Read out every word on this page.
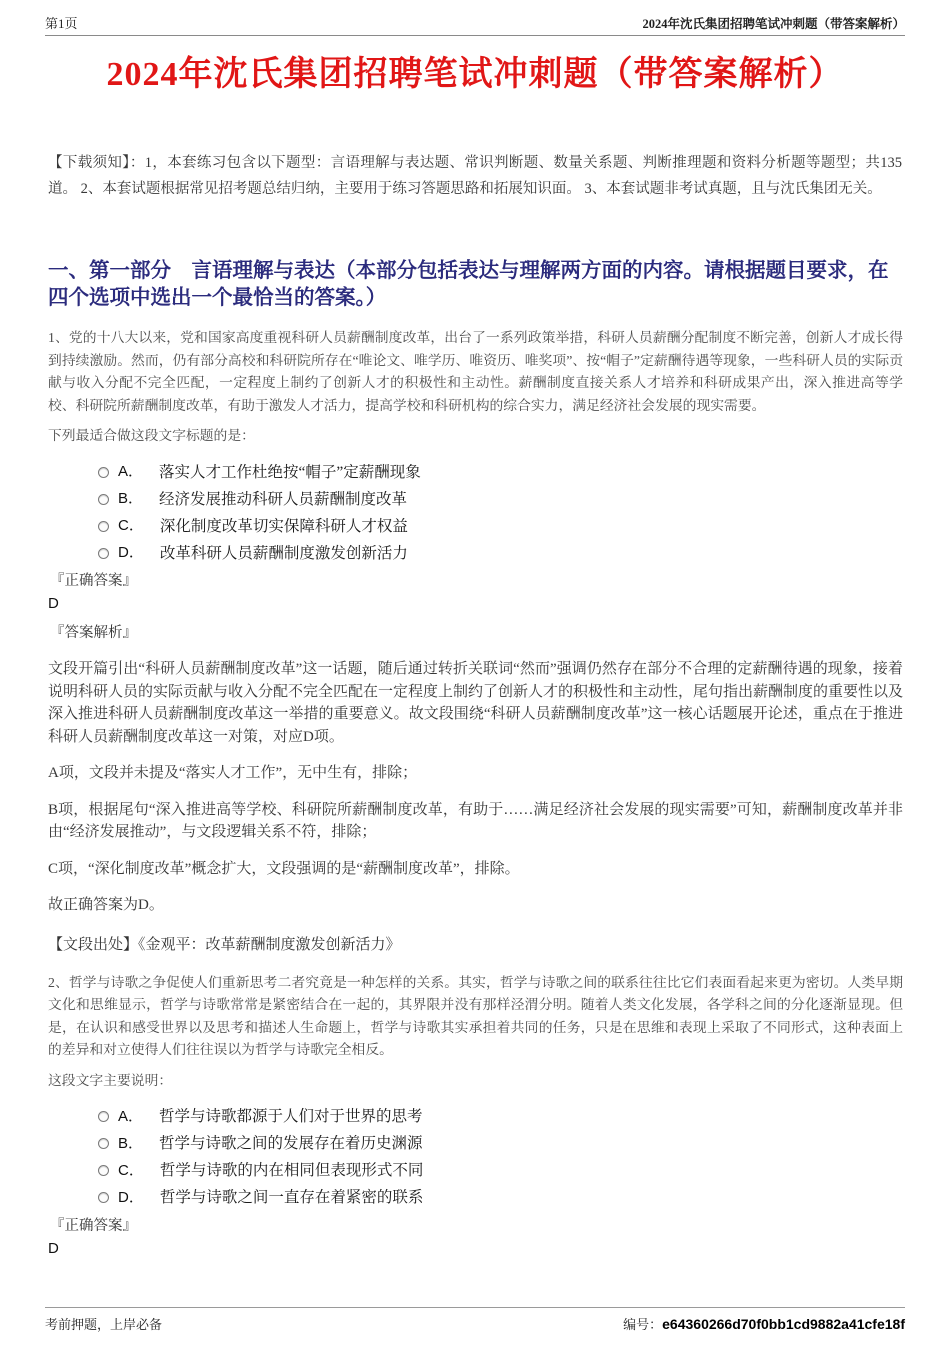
第1页	2024年沈氏集团招聘笔试冲刺题（带答案解析）
2024年沈氏集团招聘笔试冲刺题（带答案解析）

【下载须知】：1，本套练习包含以下题型：言语理解与表达题、常识判断题、数量关系题、判断推理题和资料分析题等题型；共135道。 2、本套试题根据常见招考题总结归纳，主要用于练习答题思路和拓展知识面。 3、本套试题非考试真题，且与沈氏集团无关。

一、第一部分　言语理解与表达（本部分包括表达与理解两方面的内容。请根据题目要求，在四个选项中选出一个最恰当的答案。）

1、党的十八大以来，党和国家高度重视科研人员薪酬制度改革，出台了一系列政策举措，科研人员薪酬分配制度不断完善，创新人才成长得到持续激励。然而，仍有部分高校和科研院所存在“唯论文、唯学历、唯资历、唯奖项”、按“帽子”定薪酬待遇等现象，一些科研人员的实际贡献与收入分配不完全匹配，一定程度上制约了创新人才的积极性和主动性。薪酬制度直接关系人才培养和科研成果产出，深入推进高等学校、科研院所薪酬制度改革，有助于激发人才活力，提高学校和科研机构的综合实力，满足经济社会发展的现实需要。

下列最适合做这段文字标题的是：

A． 落实人才工作杜绝按“帽子”定薪酬现象
B． 经济发展推动科研人员薪酬制度改革
C． 深化制度改革切实保障科研人才权益
D． 改革科研人员薪酬制度激发创新活力

『正确答案』

D

『答案解析』

文段开篇引出“科研人员薪酬制度改革”这一话题，随后通过转折关联词“然而”强调仍然存在部分不合理的定薪酬待遇的现象，接着说明科研人员的实际贡献与收入分配不完全匹配在一定程度上制约了创新人才的积极性和主动性，尾句指出薪酬制度的重要性以及深入推进科研人员薪酬制度改革这一举措的重要意义。故文段围绕“科研人员薪酬制度改革”这一核心话题展开论述，重点在于推进科研人员薪酬制度改革这一对策，对应D项。

A项，文段并未提及“落实人才工作”，无中生有，排除；

B项，根据尾句“深入推进高等学校、科研院所薪酬制度改革，有助于……满足经济社会发展的现实需要”可知，薪酬制度改革并非由“经济发展推动”，与文段逻辑关系不符，排除；

C项，“深化制度改革”概念扩大，文段强调的是“薪酬制度改革”，排除。

故正确答案为D。

【文段出处】《金观平：改革薪酬制度激发创新活力》

2、哲学与诗歌之争促使人们重新思考二者究竟是一种怎样的关系。其实，哲学与诗歌之间的联系往往比它们表面看起来更为密切。人类早期文化和思维显示，哲学与诗歌常常是紧密结合在一起的，其界限并没有那样泾渭分明。随着人类文化发展，各学科之间的分化逐渐显现。但是，在认识和感受世界以及思考和描述人生命题上，哲学与诗歌其实承担着共同的任务，只是在思维和表现上采取了不同形式，这种表面上的差异和对立使得人们往往误以为哲学与诗歌完全相反。

这段文字主要说明：

A． 哲学与诗歌都源于人们对于世界的思考
B． 哲学与诗歌之间的发展存在着历史渊源
C． 哲学与诗歌的内在相同但表现形式不同
D． 哲学与诗歌之间一直存在着紧密的联系

『正确答案』

D

考前押题，上岸必备	编号：e64360266d70f0bb1cd9882a41cfe18f
